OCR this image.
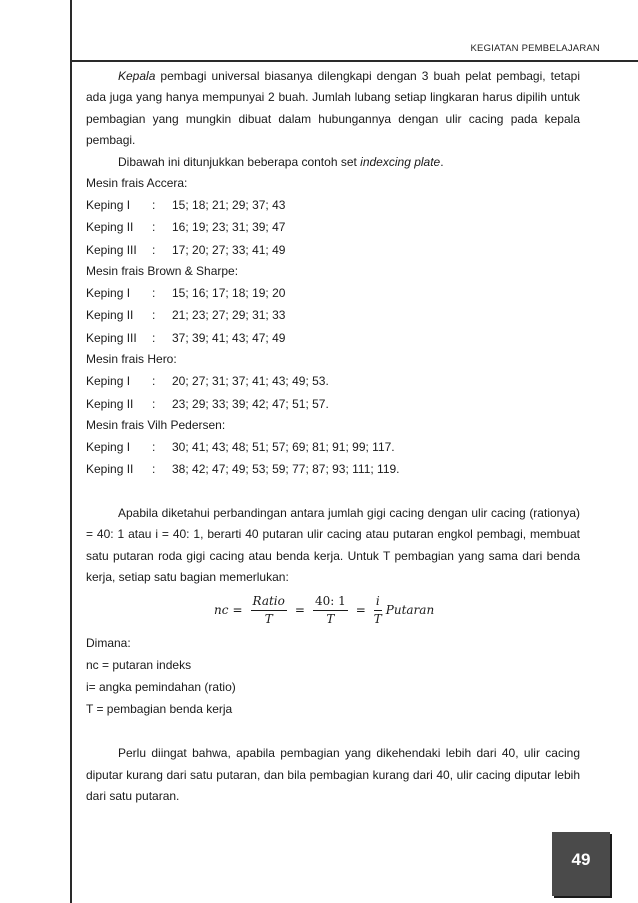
KEGIATAN PEMBELAJARAN

Kepala pembagi universal biasanya dilengkapi dengan 3 buah pelat pembagi, tetapi ada juga yang hanya mempunyai 2 buah. Jumlah lubang setiap lingkaran harus dipilih untuk pembagian yang mungkin dibuat dalam hubungannya dengan ulir cacing pada kepala pembagi.

Dibawah ini ditunjukkan beberapa contoh set indexcing plate.
Mesin frais Accera:
Keping I : 15; 18; 21; 29; 37; 43
Keping II : 16; 19; 23; 31; 39; 47
Keping III : 17; 20; 27; 33; 41; 49
Mesin frais Brown & Sharpe:
Keping I : 15; 16; 17; 18; 19; 20
Keping II : 21; 23; 27; 29; 31; 33
Keping III : 37; 39; 41; 43; 47; 49
Mesin frais Hero:
Keping I : 20; 27; 31; 37; 41; 43; 49; 53.
Keping II : 23; 29; 33; 39; 42; 47; 51; 57.
Mesin frais Vilh Pedersen:
Keping I : 30; 41; 43; 48; 51; 57; 69; 81; 91; 99; 117.
Keping II : 38; 42; 47; 49; 53; 59; 77; 87; 93; 111; 119.

Apabila diketahui perbandingan antara jumlah gigi cacing dengan ulir cacing (rationya) = 40: 1 atau i = 40: 1, berarti 40 putaran ulir cacing atau putaran engkol pembagi, membuat satu putaran roda gigi cacing atau benda kerja. Untuk T pembagian yang sama dari benda kerja, setiap satu bagian memerlukan:

nc = $\frac{\text{Ratio}}{T} = \frac{40: 1}{T} = \frac{i}{T}$ Putaran
Dimana:
nc = putaran indeks
i= angka pemindahan (ratio)
T = pembagian benda kerja

Perlu diingat bahwa, apabila pembagian yang dikehendaki lebih dari 40, ulir cacing diputar kurang dari satu putaran, dan bila pembagian kurang dari 40, ulir cacing diputar lebih dari satu putaran.

49
